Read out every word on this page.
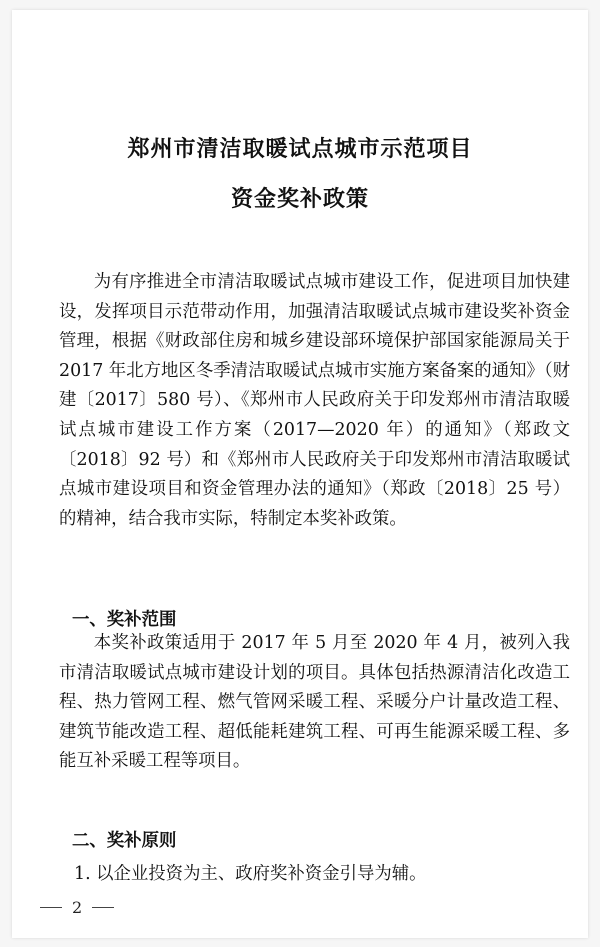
郑州市清洁取暖试点城市示范项目
资金奖补政策

为有序推进全市清洁取暖试点城市建设工作，促进项目加快建设，发挥项目示范带动作用，加强清洁取暖试点城市建设奖补资金管理，根据《财政部住房和城乡建设部环境保护部国家能源局关于 2017 年北方地区冬季清洁取暖试点城市实施方案备案的通知》（财建〔2017〕580 号）、《郑州市人民政府关于印发郑州市清洁取暖试点城市建设工作方案（2017—2020 年）的通知》（郑政文〔2018〕92 号）和《郑州市人民政府关于印发郑州市清洁取暖试点城市建设项目和资金管理办法的通知》（郑政〔2018〕25 号）的精神，结合我市实际，特制定本奖补政策。

一、奖补范围

本奖补政策适用于 2017 年 5 月至 2020 年 4 月，被列入我市清洁取暖试点城市建设计划的项目。具体包括热源清洁化改造工程、热力管网工程、燃气管网采暖工程、采暖分户计量改造工程、建筑节能改造工程、超低能耗建筑工程、可再生能源采暖工程、多能互补采暖工程等项目。

二、奖补原则
1. 以企业投资为主、政府奖补资金引导为辅。
2
